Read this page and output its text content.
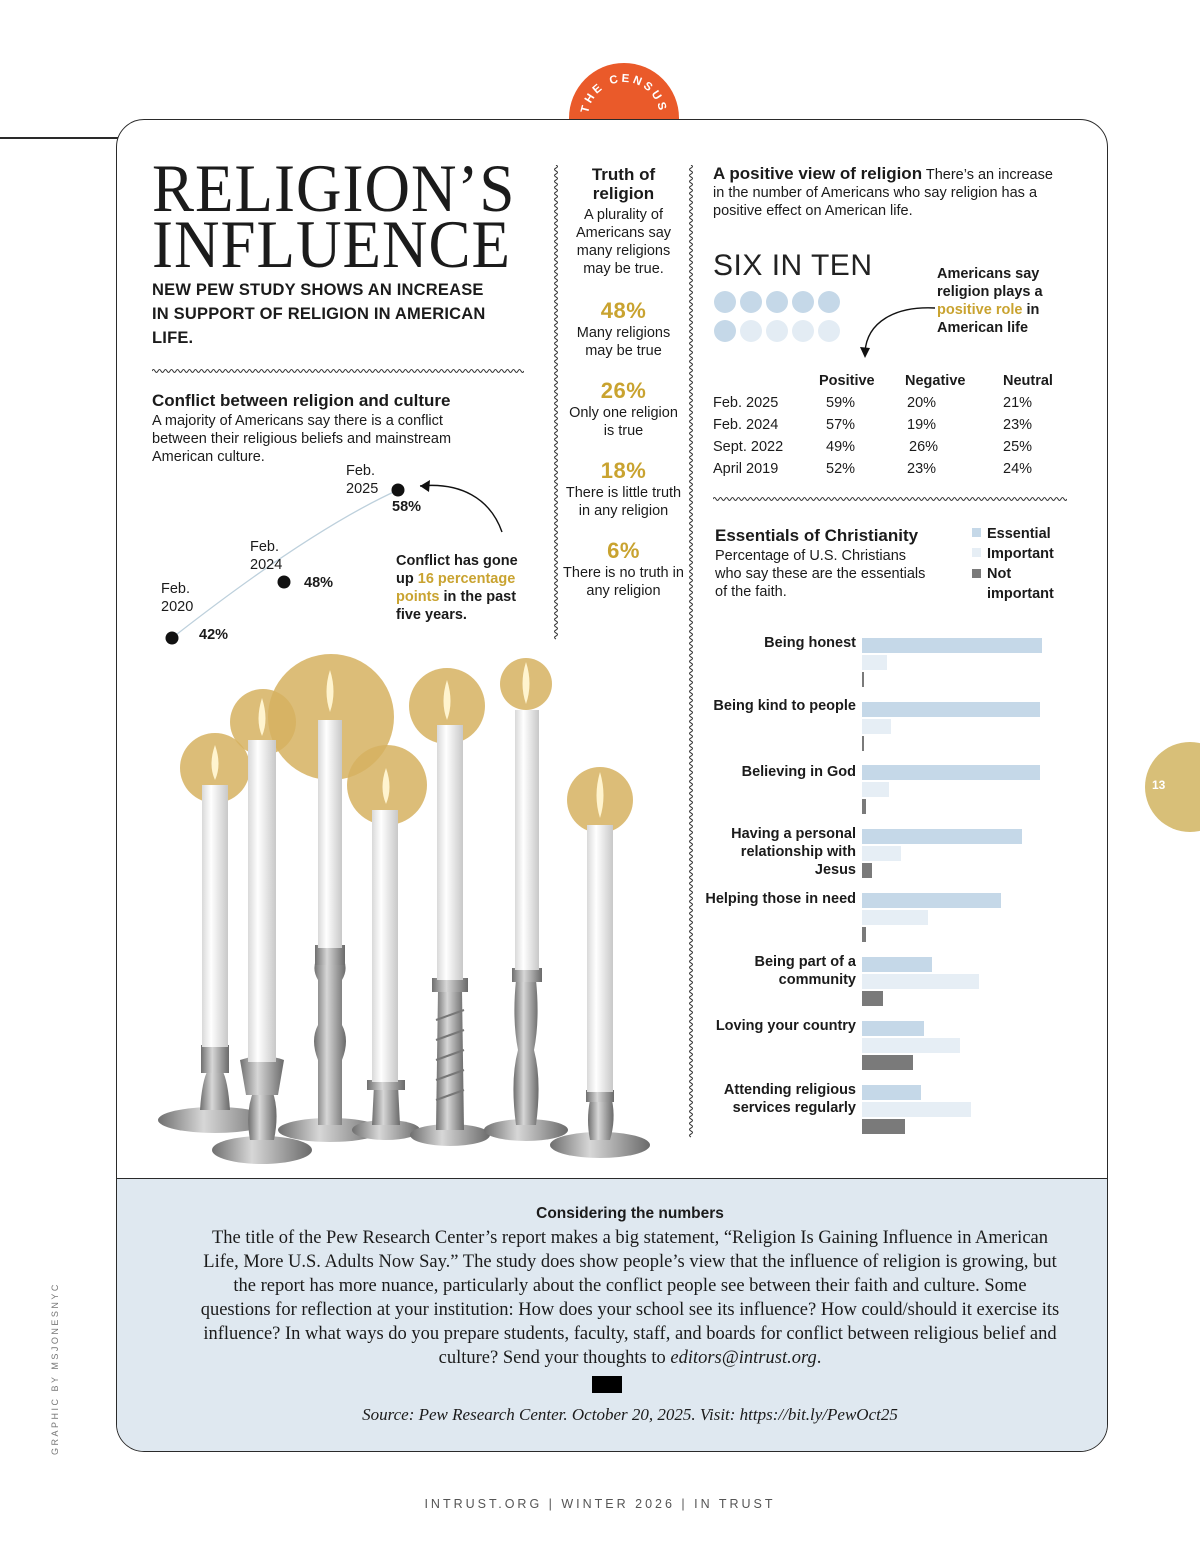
THE CENSUS
13
RELIGION’S
INFLUENCE
NEW PEW STUDY SHOWS AN INCREASE IN SUPPORT OF RELIGION IN AMERICAN LIFE.
Conflict between religion and culture
A majority of Americans say there is a conflict between their religious beliefs and mainstream American culture.
Feb.
2020
42%
Feb.
2024
48%
Feb.
2025
58%
Conflict has gone up 16 percentage points in the past five years.
Truth of religion
A plurality of Americans say many religions may be true.
48%
Many religions may be true
26%
Only one religion is true
18%
There is little truth in any religion
6%
There is no truth in any religion
A positive view of religion There’s an increase in the number of Americans who say religion has a positive effect on American life.
SIX IN TEN	Americans say religion plays a positive role in American life
	Positive	Negative	Neutral
Feb. 2025	59%	20%	21%
Feb. 2024	57%	19%	23%
Sept. 2022	49%	26%	25%
April 2019	52%	23%	24%
Essentials of Christianity
Percentage of U.S. Christians who say these are the essentials of the faith.
Essential
Important
Not important
Being honest
Being kind to people
Believing in God
Having a personal relationship with Jesus
Helping those in need
Being part of a community
Loving your country
Attending religious services regularly
Considering the numbers
The title of the Pew Research Center’s report makes a big statement, “Religion Is Gaining Influence in American Life, More U.S. Adults Now Say.” The study does show people’s view that the influence of religion is growing, but the report has more nuance, particularly about the conflict people see between their faith and culture. Some questions for reflection at your institution: How does your school see its influence? How could/should it exercise its influence? In what ways do you prepare students, faculty, staff, and boards for conflict between religious belief and culture? Send your thoughts to editors@intrust.org.
Source: Pew Research Center. October 20, 2025. Visit: https://bit.ly/PewOct25
GRAPHIC BY MSJONESNYC
INTRUST.ORG | WINTER 2026 | IN TRUST
